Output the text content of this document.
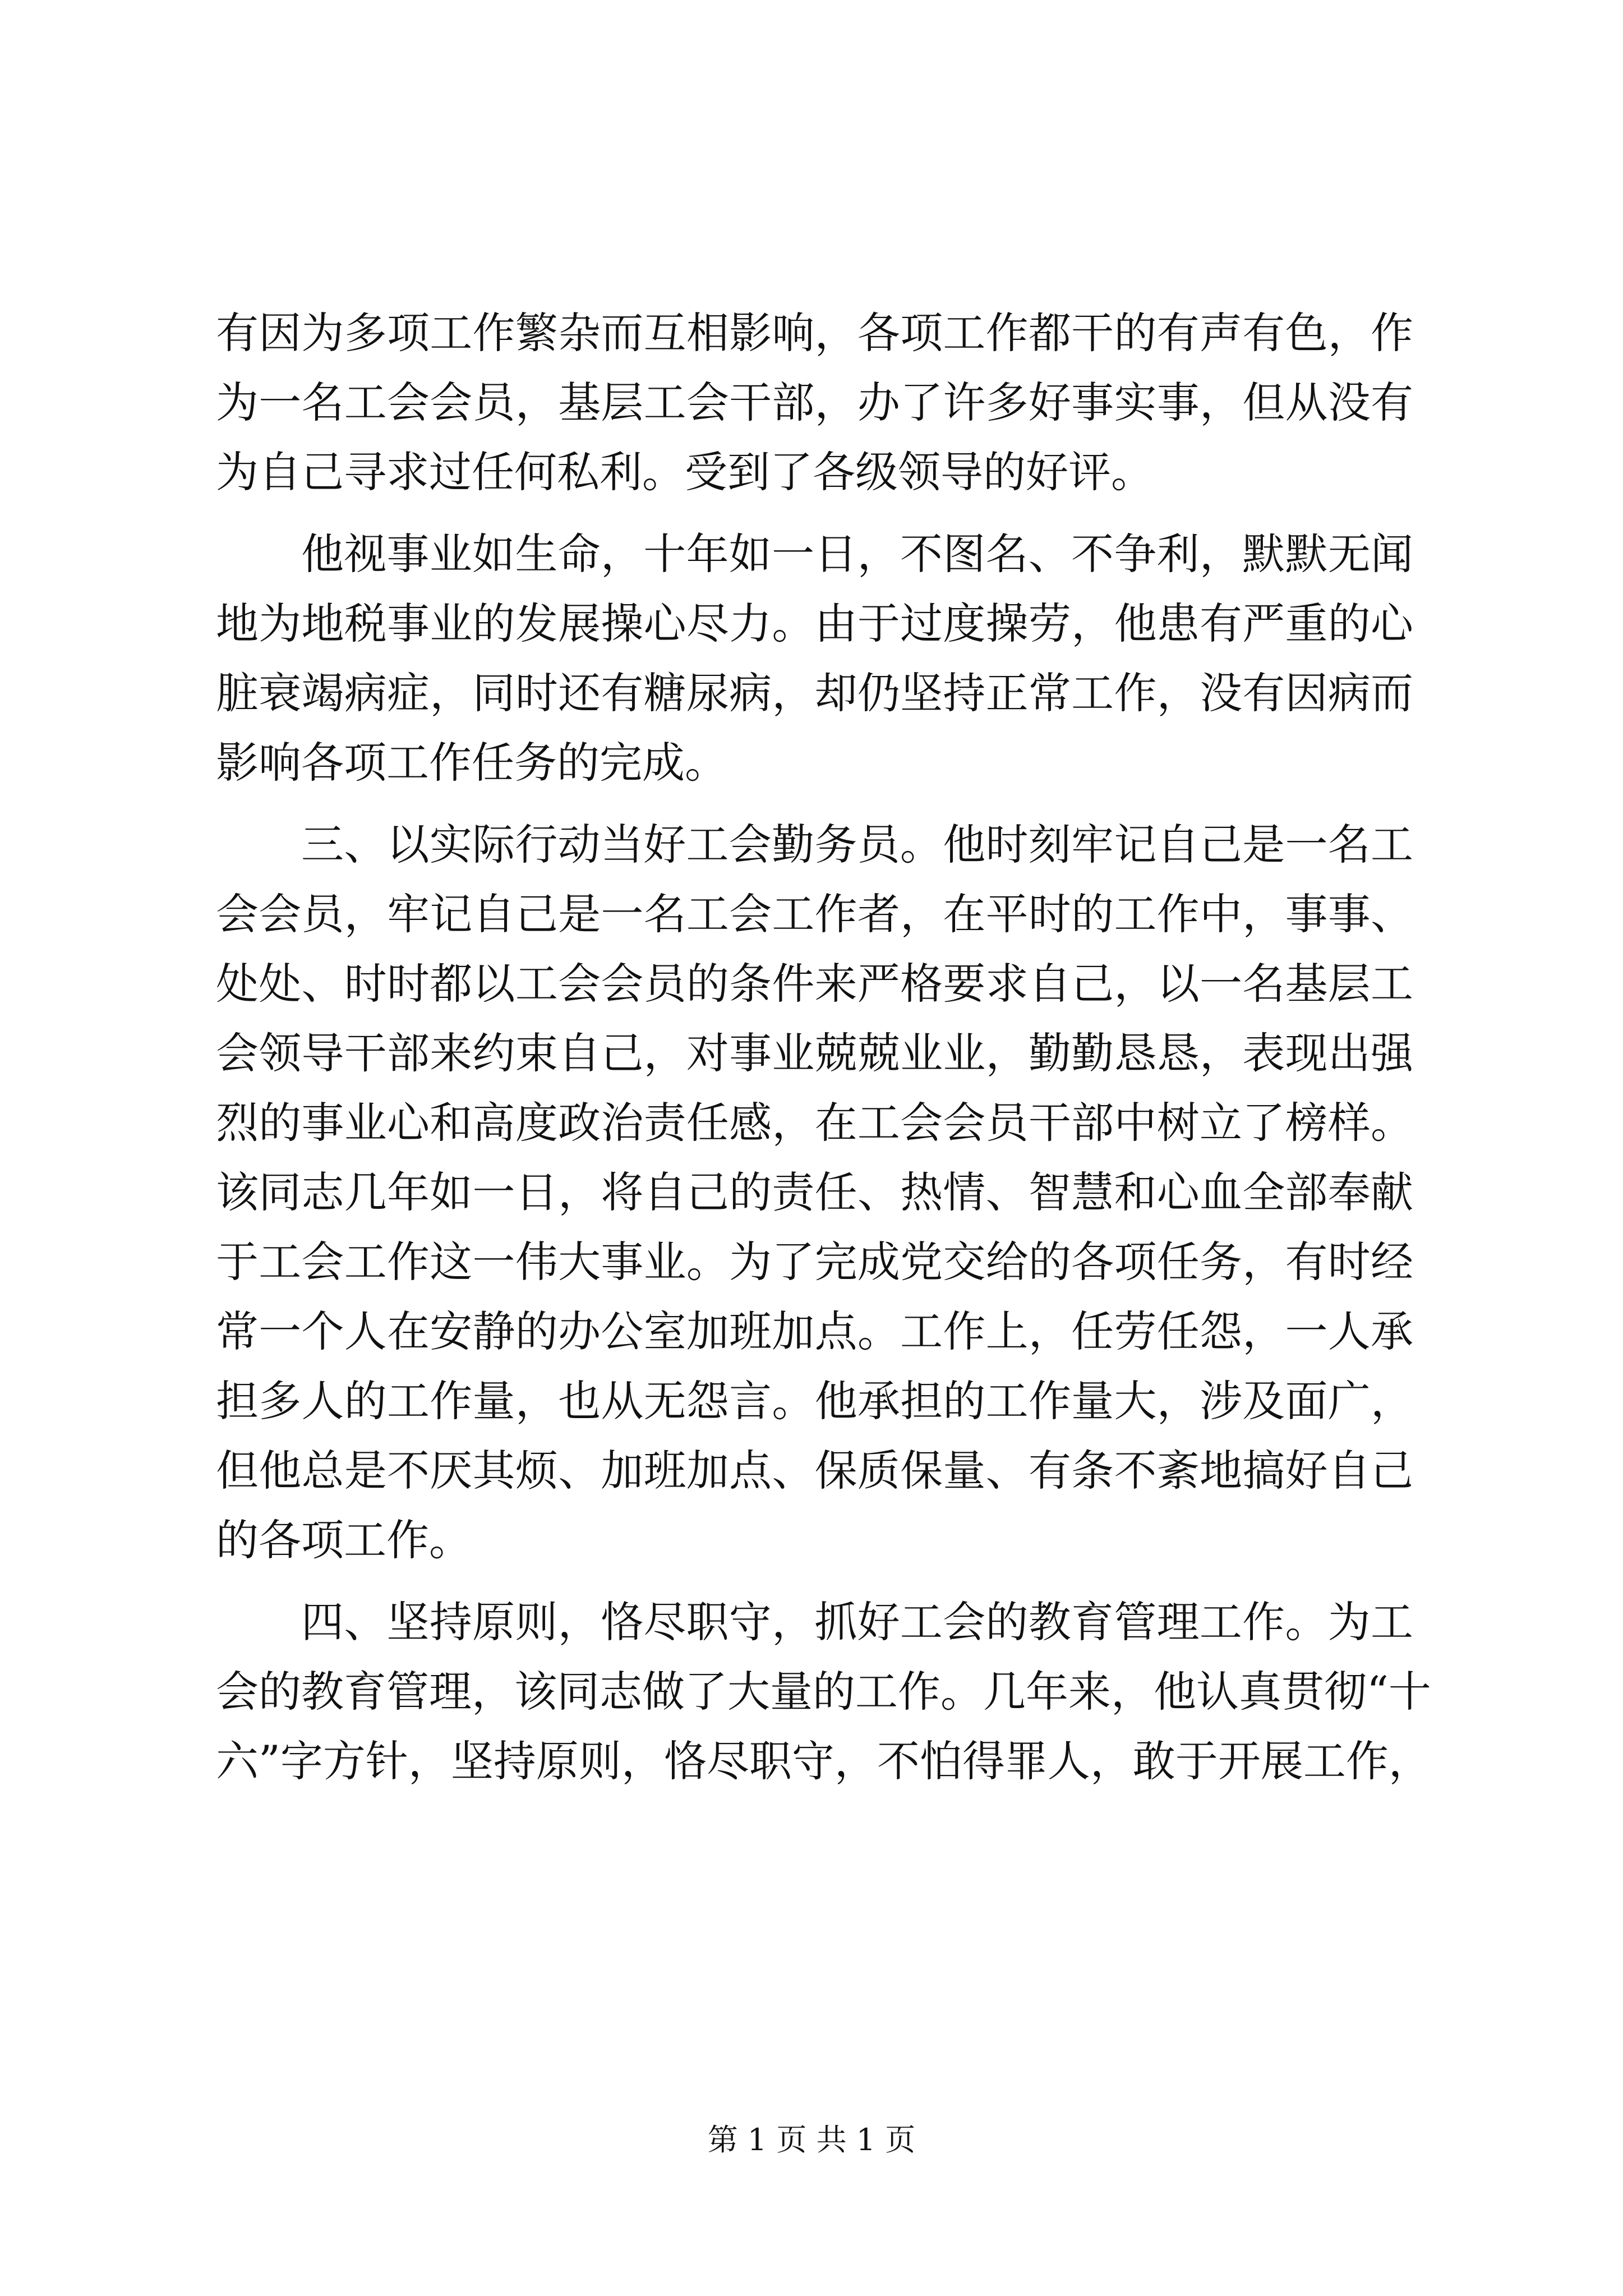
有因为多项工作繁杂而互相影响，各项工作都干的有声有色，作
为一名工会会员，基层工会干部，办了许多好事实事，但从没有
为自己寻求过任何私利。受到了各级领导的好评。
他视事业如生命，十年如一日，不图名、不争利，默默无闻
地为地税事业的发展操心尽力。由于过度操劳，他患有严重的心
脏衰竭病症，同时还有糖尿病，却仍坚持正常工作，没有因病而
影响各项工作任务的完成。
三、以实际行动当好工会勤务员。他时刻牢记自己是一名工
会会员，牢记自己是一名工会工作者，在平时的工作中，事事、
处处、时时都以工会会员的条件来严格要求自己，以一名基层工
会领导干部来约束自己，对事业兢兢业业，勤勤恳恳，表现出强
烈的事业心和高度政治责任感，在工会会员干部中树立了榜样。
该同志几年如一日，将自己的责任、热情、智慧和心血全部奉献
于工会工作这一伟大事业。为了完成党交给的各项任务，有时经
常一个人在安静的办公室加班加点。工作上，任劳任怨，一人承
担多人的工作量，也从无怨言。他承担的工作量大，涉及面广，
但他总是不厌其烦、加班加点、保质保量、有条不紊地搞好自己
的各项工作。
四、坚持原则，恪尽职守，抓好工会的教育管理工作。为工
会的教育管理，该同志做了大量的工作。几年来，他认真贯彻“十
六”字方针，坚持原则，恪尽职守，不怕得罪人，敢于开展工作，
第 1 页 共 1 页
